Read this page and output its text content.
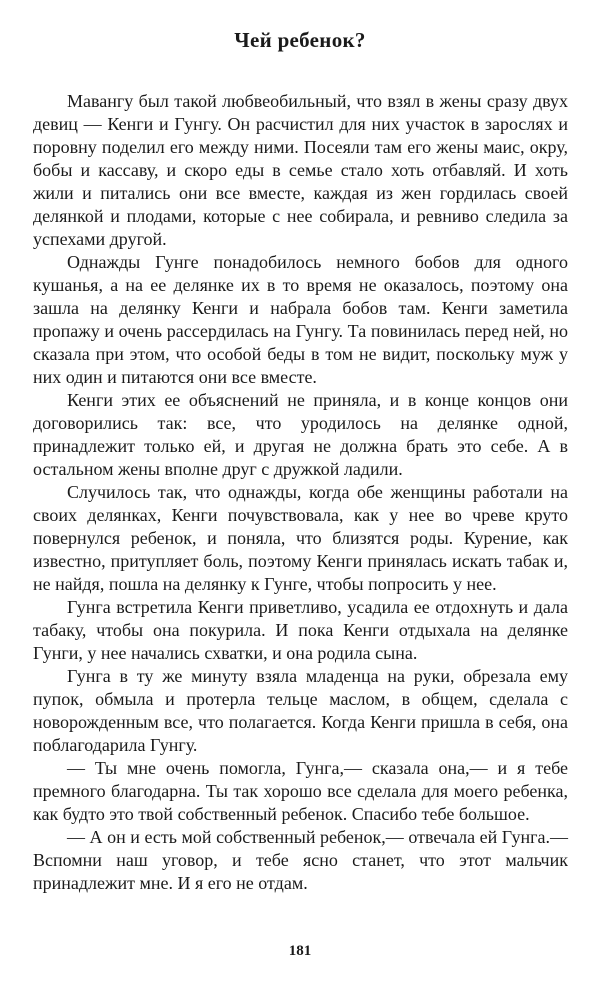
Чей ребенок?

Мавангу был такой любвеобильный, что взял в жены сразу двух девиц — Кенги и Гунгу. Он расчистил для них участок в зарослях и поровну поделил его между ними. Посеяли там его жены маис, окру, бобы и кассаву, и скоро еды в семье стало хоть отбавляй. И хоть жили и питались они все вместе, каждая из жен гордилась своей делянкой и плодами, которые с нее собирала, и ревниво следила за успехами другой.

Однажды Гунге понадобилось немного бобов для одного кушанья, а на ее делянке их в то время не оказалось, поэтому она зашла на делянку Кенги и набрала бобов там. Кенги заметила пропажу и очень рассердилась на Гунгу. Та повинилась перед ней, но сказала при этом, что особой беды в том не видит, поскольку муж у них один и питаются они все вместе.

Кенги этих ее объяснений не приняла, и в конце концов они договорились так: все, что уродилось на делянке одной, принадлежит только ей, и другая не должна брать это себе. А в остальном жены вполне друг с дружкой ладили.

Случилось так, что однажды, когда обе женщины работали на своих делянках, Кенги почувствовала, как у нее во чреве круто повернулся ребенок, и поняла, что близятся роды. Курение, как известно, притупляет боль, поэтому Кенги принялась искать табак и, не найдя, пошла на делянку к Гунге, чтобы попросить у нее.

Гунга встретила Кенги приветливо, усадила ее отдохнуть и дала табаку, чтобы она покурила. И пока Кенги отдыхала на делянке Гунги, у нее начались схватки, и она родила сына.

Гунга в ту же минуту взяла младенца на руки, обрезала ему пупок, обмыла и протерла тельце маслом, в общем, сделала с новорожденным все, что полагается. Когда Кенги пришла в себя, она поблагодарила Гунгу.

— Ты мне очень помогла, Гунга,— сказала она,— и я тебе премного благодарна. Ты так хорошо все сделала для моего ребенка, как будто это твой собственный ребенок. Спасибо тебе большое.

— А он и есть мой собственный ребенок,— отвечала ей Гунга.— Вспомни наш уговор, и тебе ясно станет, что этот мальчик принадлежит мне. И я его не отдам.

181
